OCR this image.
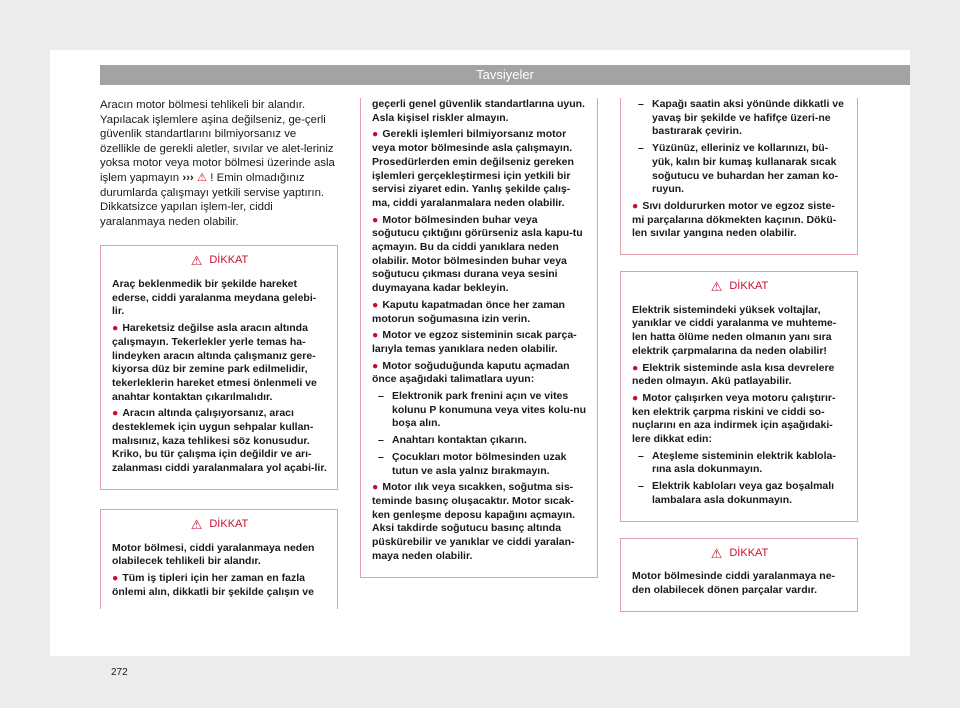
Tavsiyeler

Aracın motor bölmesi tehlikeli bir alandır. Yapılacak işlemlere aşina değilseniz, ge-çerli güvenlik standartlarını bilmiyorsanız ve özellikle de gerekli aletler, sıvılar ve alet-leriniz yoksa motor veya motor bölmesi üzerinde asla işlem yapmayın ››› ⚠ ! Emin olmadığınız durumlarda çalışmayı yetkili servise yaptırın. Dikkatsizce yapılan işlem-ler, ciddi yaralanmaya neden olabilir.

⚠ DİKKAT

Araç beklenmedik bir şekilde hareket ederse, ciddi yaralanma meydana gelebi-lir.

● Hareketsiz değilse asla aracın altında çalışmayın. Tekerlekler yerle temas ha-lindeyken aracın altında çalışmanız gere-kiyorsa düz bir zemine park edilmelidir, tekerleklerin hareket etmesi önlenmeli ve anahtar kontaktan çıkarılmalıdır.

● Aracın altında çalışıyorsanız, aracı desteklemek için uygun sehpalar kullan-malısınız, kaza tehlikesi söz konusudur. Kriko, bu tür çalışma için değildir ve arı-zalanması ciddi yaralanmalara yol açabi-lir.

⚠ DİKKAT

Motor bölmesi, ciddi yaralanmaya neden olabilecek tehlikeli bir alandır.

● Tüm iş tipleri için her zaman en fazla önlemi alın, dikkatli bir şekilde çalışın ve

geçerli genel güvenlik standartlarına uyun. Asla kişisel riskler almayın.

● Gerekli işlemleri bilmiyorsanız motor veya motor bölmesinde asla çalışmayın. Prosedürlerden emin değilseniz gereken işlemleri gerçekleştirmesi için yetkili bir servisi ziyaret edin. Yanlış şekilde çalış-ma, ciddi yaralanmalara neden olabilir.

● Motor bölmesinden buhar veya soğutucu çıktığını görürseniz asla kapu-tu açmayın. Bu da ciddi yanıklara neden olabilir. Motor bölmesinden buhar veya soğutucu çıkması durana veya sesini duymayana kadar bekleyin.

● Kaputu kapatmadan önce her zaman motorun soğumasına izin verin.

● Motor ve egzoz sisteminin sıcak parça-larıyla temas yanıklara neden olabilir.

● Motor soğuduğunda kaputu açmadan önce aşağıdaki talimatlara uyun:

– Elektronik park frenini açın ve vites kolunu P konumuna veya vites kolu-nu boşa alın.

– Anahtarı kontaktan çıkarın.

– Çocukları motor bölmesinden uzak tutun ve asla yalnız bırakmayın.

● Motor ılık veya sıcakken, soğutma sis-teminde basınç oluşacaktır. Motor sıcak-ken genleşme deposu kapağını açmayın. Aksi takdirde soğutucu basınç altında püskürebilir ve yanıklar ve ciddi yaralan-maya neden olabilir.

– Kapağı saatin aksi yönünde dikkatli ve yavaş bir şekilde ve hafifçe üzeri-ne bastırarak çevirin.

– Yüzünüz, elleriniz ve kollarınızı, bü-yük, kalın bir kumaş kullanarak sıcak soğutucu ve buhardan her zaman ko-ruyun.

● Sıvı doldururken motor ve egzoz siste-mi parçalarına dökmekten kaçının. Dökü-len sıvılar yangına neden olabilir.

⚠ DİKKAT

Elektrik sistemindeki yüksek voltajlar, yanıklar ve ciddi yaralanma ve muhteme-len hatta ölüme neden olmanın yanı sıra elektrik çarpmalarına da neden olabilir!

● Elektrik sisteminde asla kısa devrelere neden olmayın. Akü patlayabilir.

● Motor çalışırken veya motoru çalıştırır-ken elektrik çarpma riskini ve ciddi so-nuçlarını en aza indirmek için aşağıdaki-lere dikkat edin:

– Ateşleme sisteminin elektrik kablola-rına asla dokunmayın.

– Elektrik kabloları veya gaz boşalmalı lambalara asla dokunmayın.

⚠ DİKKAT

Motor bölmesinde ciddi yaralanmaya ne-den olabilecek dönen parçalar vardır.

272
